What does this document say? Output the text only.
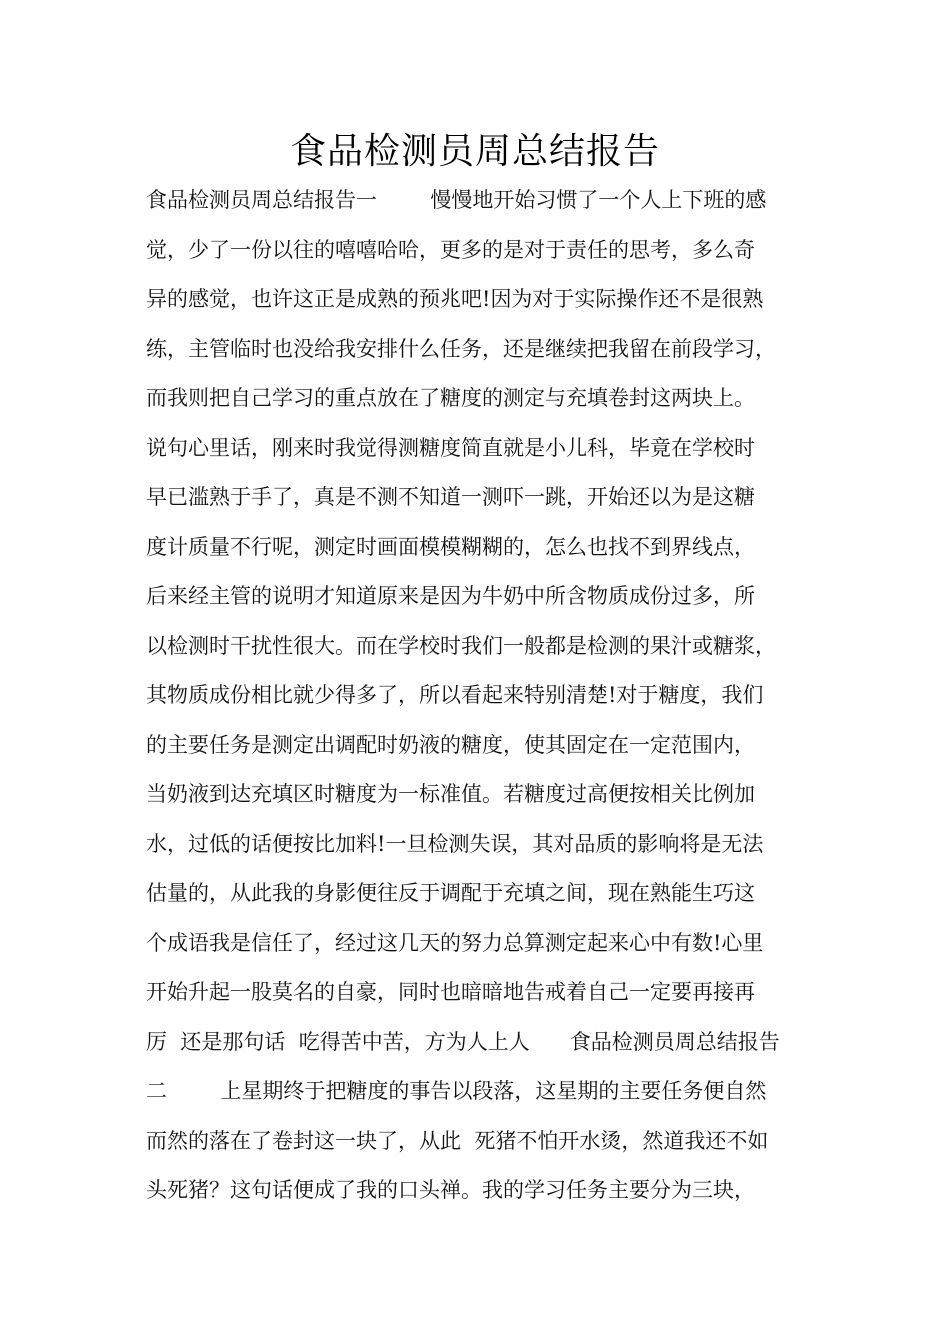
食品检测员周总结报告
食品检测员周总结报告一        慢慢地开始习惯了一个人上下班的感
觉，少了一份以往的嘻嘻哈哈，更多的是对于责任的思考，多么奇
异的感觉，也许这正是成熟的预兆吧!因为对于实际操作还不是很熟
练，主管临时也没给我安排什么任务，还是继续把我留在前段学习，
而我则把自己学习的重点放在了糖度的测定与充填卷封这两块上。
说句心里话，刚来时我觉得测糖度简直就是小儿科，毕竟在学校时
早已滥熟于手了，真是不测不知道一测吓一跳，开始还以为是这糖
度计质量不行呢，测定时画面模模糊糊的，怎么也找不到界线点，
后来经主管的说明才知道原来是因为牛奶中所含物质成份过多，所
以检测时干扰性很大。而在学校时我们一般都是检测的果汁或糖浆，
其物质成份相比就少得多了，所以看起来特别清楚!对于糖度，我们
的主要任务是测定出调配时奶液的糖度，使其固定在一定范围内，
当奶液到达充填区时糖度为一标准值。若糖度过高便按相关比例加
水，过低的话便按比加料!一旦检测失误，其对品质的影响将是无法
估量的，从此我的身影便往反于调配于充填之间，现在熟能生巧这
个成语我是信任了，经过这几天的努力总算测定起来心中有数!心里
开始升起一股莫名的自豪，同时也暗暗地告戒着自己一定要再接再
厉  还是那句话  吃得苦中苦，方为人上人      食品检测员周总结报告
二        上星期终于把糖度的事告以段落，这星期的主要任务便自然
而然的落在了卷封这一块了，从此  死猪不怕开水烫，然道我还不如
头死猪？这句话便成了我的口头禅。我的学习任务主要分为三块，
